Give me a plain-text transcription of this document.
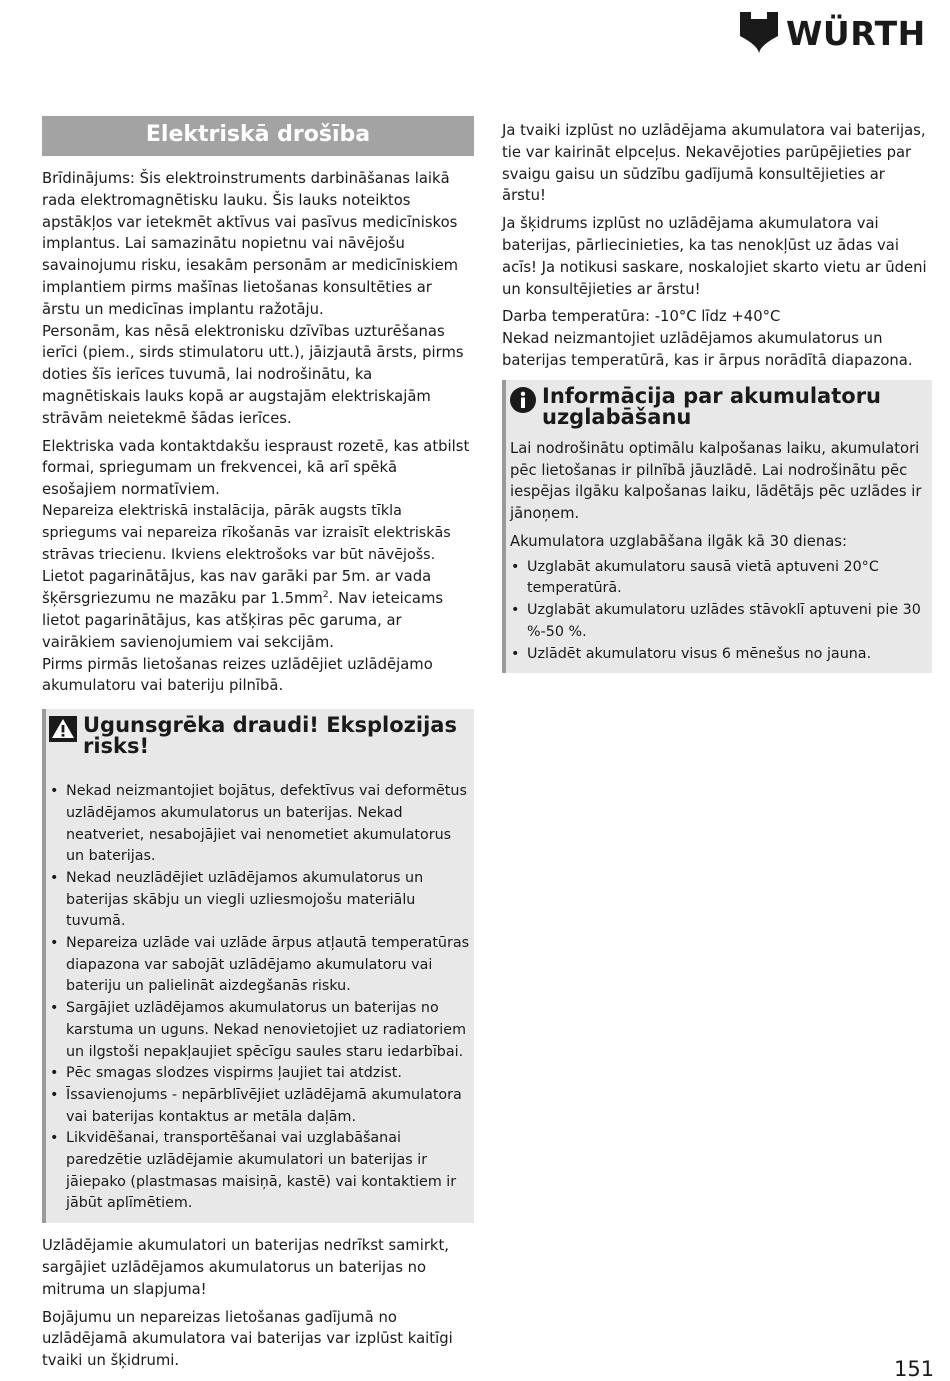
WÜRTH
Elektriskā drošība

Brīdinājums: Šis elektroinstruments darbināšanas laikā rada elektromagnētisku lauku. Šis lauks noteiktos apstākļos var ietekmēt aktīvus vai pasīvus medicīniskos implantus. Lai samazinātu nopietnu vai nāvējošu savainojumu risku, iesakām personām ar medicīniskiem implantiem pirms mašīnas lietošanas konsultēties ar ārstu un medicīnas implantu ražotāju.

Personām, kas nēsā elektronisku dzīvības uzturēšanas ierīci (piem., sirds stimulatoru utt.), jāizjautā ārsts, pirms doties šīs ierīces tuvumā, lai nodrošinātu, ka magnētiskais lauks kopā ar augstajām elektriskajām strāvām neietekmē šādas ierīces.

Elektriska vada kontaktdakšu iespraust rozetē, kas atbilst formai, spriegumam un frekvencei, kā arī spēkā esošajiem normatīviem.

Nepareiza elektriskā instalācija, pārāk augsts tīkla spriegums vai nepareiza rīkošanās var izraisīt elektriskās strāvas triecienu. Ikviens elektrošoks var būt nāvējošs.

Lietot pagarinātājus, kas nav garāki par 5m. ar vada šķērsgriezumu ne mazāku par $1.5mm^2$. Nav ieteicams lietot pagarinātājus, kas atšķiras pēc garuma, ar vairākiem savienojumiem vai sekcijām.

Pirms pirmās lietošanas reizes uzlādējiet uzlādējamo akumulatoru vai bateriju pilnībā.

Ugunsgrēka draudi! Eksplozijas risks!
• Nekad neizmantojiet bojātus, defektīvus vai deformētus uzlādējamos akumulatorus un baterijas. Nekad neatveriet, nesabojājiet vai nenometiet akumulatorus un baterijas.
• Nekad neuzlādējiet uzlādējamos akumulatorus un baterijas skābju un viegli uzliesmojošu materiālu tuvumā.
• Nepareiza uzlāde vai uzlāde ārpus atļautā temperatūras diapazona var sabojāt uzlādējamo akumulatoru vai bateriju un palielināt aizdegšanās risku.
• Sargājiet uzlādējamos akumulatorus un baterijas no karstuma un uguns. Nekad nenovietojiet uz radiatoriem un ilgstoši nepakļaujiet spēcīgu saules staru iedarbībai.
• Pēc smagas slodzes vispirms ļaujiet tai atdzist.
• Īssavienojums - nepārblīvējiet uzlādējamā akumulatora vai baterijas kontaktus ar metāla daļām.
• Likvidēšanai, transportēšanai vai uzglabāšanai paredzētie uzlādējamie akumulatori un baterijas ir jāiepako (plastmasas maisiņā, kastē) vai kontaktiem ir jābūt aplīmētiem.

Uzlādējamie akumulatori un baterijas nedrīkst samirkt, sargājiet uzlādējamos akumulatorus un baterijas no mitruma un slapjuma!

Bojājumu un nepareizas lietošanas gadījumā no uzlādējamā akumulatora vai baterijas var izplūst kaitīgi tvaiki un šķidrumi.

Ja tvaiki izplūst no uzlādējama akumulatora vai baterijas, tie var kairināt elpceļus. Nekavējoties parūpējieties par svaigu gaisu un sūdzību gadījumā konsultējieties ar ārstu!

Ja šķidrums izplūst no uzlādējama akumulatora vai baterijas, pārliecinieties, ka tas nenokļūst uz ādas vai acīs! Ja notikusi saskare, noskalojiet skarto vietu ar ūdeni un konsultējieties ar ārstu!

Darba temperatūra: -10°C līdz +40°C

Nekad neizmantojiet uzlādējamos akumulatorus un baterijas temperatūrā, kas ir ārpus norādītā diapazona.

Informācija par akumulatoru uzglabāšanu

Lai nodrošinātu optimālu kalpošanas laiku, akumulatori pēc lietošanas ir pilnībā jāuzlādē. Lai nodrošinātu pēc iespējas ilgāku kalpošanas laiku, lādētājs pēc uzlādes ir jānoņem.

Akumulatora uzglabāšana ilgāk kā 30 dienas:

• Uzglabāt akumulatoru sausā vietā aptuveni 20°C temperatūrā.
• Uzglabāt akumulatoru uzlādes stāvoklī aptuveni pie 30 %-50 %.
• Uzlādēt akumulatoru visus 6 mēnešus no jauna.
151
